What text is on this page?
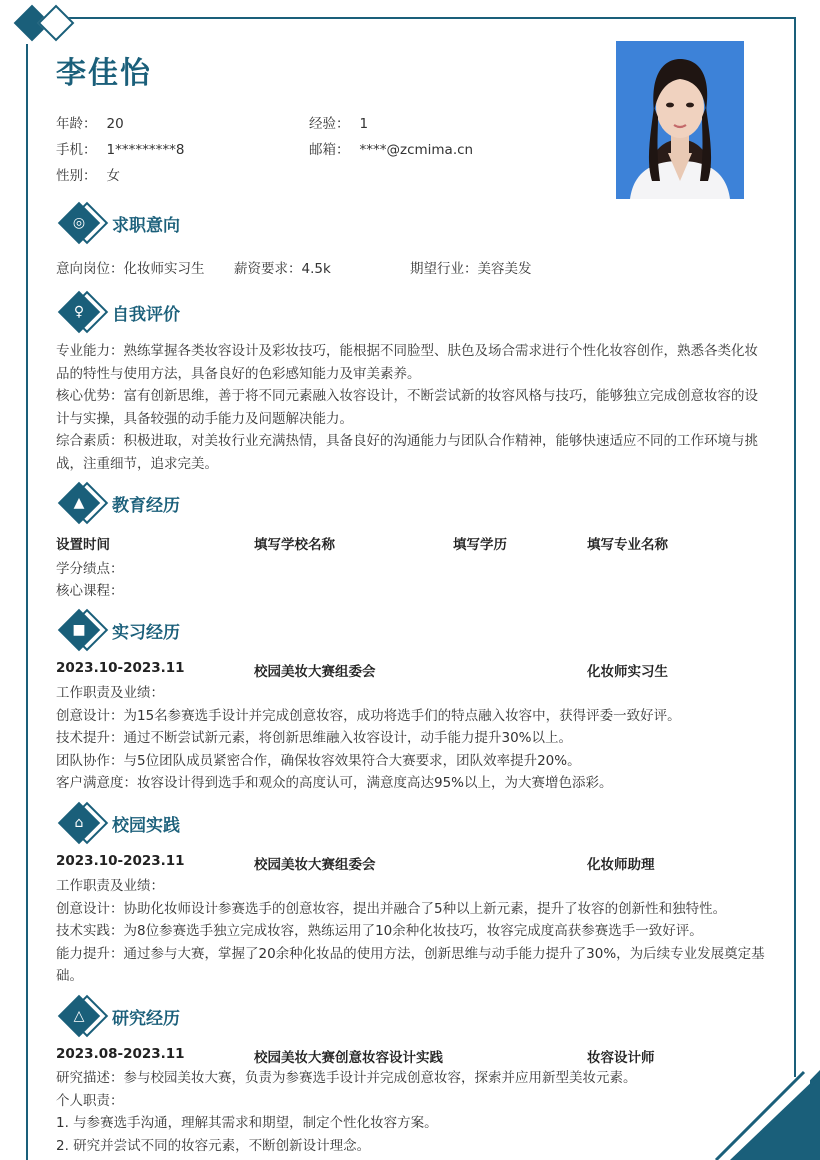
李佳怡
年龄： 20	经验： 1
手机： 1*********8	邮箱： ****@zcmima.cn
性别： 女
◎	求职意向
意向岗位：化妆师实习生 薪资要求：4.5k	期望行业：美容美发
♀	自我评价
专业能力：熟练掌握各类妆容设计及彩妆技巧，能根据不同脸型、肤色及场合需求进行个性化妆容创作，熟悉各类化妆品的特性与使用方法，具备良好的色彩感知能力及审美素养。
核心优势：富有创新思维，善于将不同元素融入妆容设计，不断尝试新的妆容风格与技巧，能够独立完成创意妆容的设计与实操，具备较强的动手能力及问题解决能力。
综合素质：积极进取，对美妆行业充满热情，具备良好的沟通能力与团队合作精神，能够快速适应不同的工作环境与挑战，注重细节，追求完美。
▲	教育经历
设置时间	填写学校名称	填写学历	填写专业名称
学分绩点：
核心课程：
■	实习经历
2023.10-2023.11	校园美妆大赛组委会	化妆师实习生
工作职责及业绩：
创意设计：为15名参赛选手设计并完成创意妆容，成功将选手们的特点融入妆容中，获得评委一致好评。
技术提升：通过不断尝试新元素，将创新思维融入妆容设计，动手能力提升30%以上。
团队协作：与5位团队成员紧密合作，确保妆容效果符合大赛要求，团队效率提升20%。
客户满意度：妆容设计得到选手和观众的高度认可，满意度高达95%以上，为大赛增色添彩。
⌂	校园实践
2023.10-2023.11	校园美妆大赛组委会	化妆师助理
工作职责及业绩：
创意设计：协助化妆师设计参赛选手的创意妆容，提出并融合了5种以上新元素，提升了妆容的创新性和独特性。
技术实践：为8位参赛选手独立完成妆容，熟练运用了10余种化妆技巧，妆容完成度高获参赛选手一致好评。
能力提升：通过参与大赛，掌握了20余种化妆品的使用方法，创新思维与动手能力提升了30%，为后续专业发展奠定基础。
△	研究经历
2023.08-2023.11	校园美妆大赛创意妆容设计实践	妆容设计师
研究描述：参与校园美妆大赛，负责为参赛选手设计并完成创意妆容，探索并应用新型美妆元素。
个人职责：
1. 与参赛选手沟通，理解其需求和期望，制定个性化妆容方案。
2. 研究并尝试不同的妆容元素，不断创新设计理念。
